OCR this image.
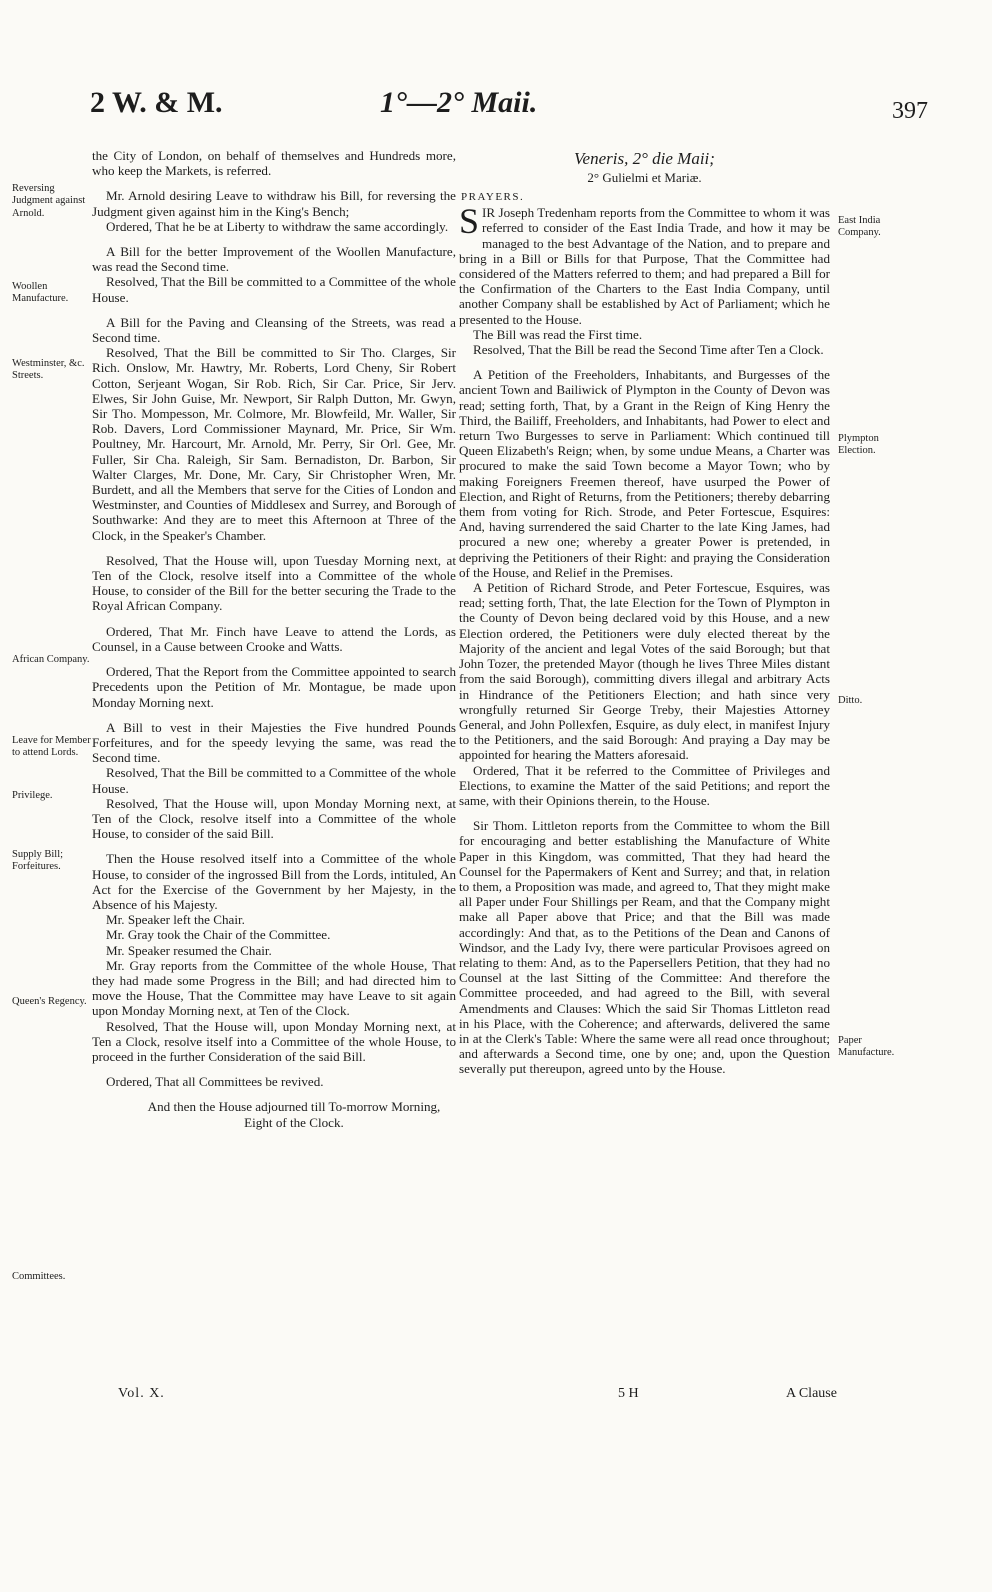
2 W. & M.	1°—2° Maii.	397

the City of London, on behalf of themselves and Hundreds more, who keep the Markets, is referred.

Mr. Arnold desiring Leave to withdraw his Bill, for reversing the Judgment given against him in the King's Bench;

Ordered, That he be at Liberty to withdraw the same accordingly.

A Bill for the better Improvement of the Woollen Manufacture, was read the Second time.

Resolved, That the Bill be committed to a Committee of the whole House.

A Bill for the Paving and Cleansing of the Streets, was read a Second time.

Resolved, That the Bill be committed to Sir Tho. Clarges, Sir Rich. Onslow, Mr. Hawtry, Mr. Roberts, Lord Cheny, Sir Robert Cotton, Serjeant Wogan, Sir Rob. Rich, Sir Car. Price, Sir Jerv. Elwes, Sir John Guise, Mr. Newport, Sir Ralph Dutton, Mr. Gwyn, Sir Tho. Mompesson, Mr. Colmore, Mr. Blowfeild, Mr. Waller, Sir Rob. Davers, Lord Commissioner Maynard, Mr. Price, Sir Wm. Poultney, Mr. Harcourt, Mr. Arnold, Mr. Perry, Sir Orl. Gee, Mr. Fuller, Sir Cha. Raleigh, Sir Sam. Bernadiston, Dr. Barbon, Sir Walter Clarges, Mr. Done, Mr. Cary, Sir Christopher Wren, Mr. Burdett, and all the Members that serve for the Cities of London and Westminster, and Counties of Middlesex and Surrey, and Borough of Southwarke: And they are to meet this Afternoon at Three of the Clock, in the Speaker's Chamber.

Resolved, That the House will, upon Tuesday Morning next, at Ten of the Clock, resolve itself into a Committee of the whole House, to consider of the Bill for the better securing the Trade to the Royal African Company.

Ordered, That Mr. Finch have Leave to attend the Lords, as Counsel, in a Cause between Crooke and Watts.

Ordered, That the Report from the Committee appointed to search Precedents upon the Petition of Mr. Montague, be made upon Monday Morning next.

A Bill to vest in their Majesties the Five hundred Pounds Forfeitures, and for the speedy levying the same, was read the Second time.

Resolved, That the Bill be committed to a Committee of the whole House.

Resolved, That the House will, upon Monday Morning next, at Ten of the Clock, resolve itself into a Committee of the whole House, to consider of the said Bill.

Then the House resolved itself into a Committee of the whole House, to consider of the ingrossed Bill from the Lords, intituled, An Act for the Exercise of the Government by her Majesty, in the Absence of his Majesty.

Mr. Speaker left the Chair.

Mr. Gray took the Chair of the Committee.

Mr. Speaker resumed the Chair.

Mr. Gray reports from the Committee of the whole House, That they had made some Progress in the Bill; and had directed him to move the House, That the Committee may have Leave to sit again upon Monday Morning next, at Ten of the Clock.

Resolved, That the House will, upon Monday Morning next, at Ten a Clock, resolve itself into a Committee of the whole House, to proceed in the further Consideration of the said Bill.

Ordered, That all Committees be revived.

And then the House adjourned till To-morrow Morning, Eight of the Clock.

Veneris, 2° die Maii;
2° Gulielmi et Mariæ.
PRAYERS.

SIR Joseph Tredenham reports from the Committee to whom it was referred to consider of the East India Trade, and how it may be managed to the best Advantage of the Nation, and to prepare and bring in a Bill or Bills for that Purpose, That the Committee had considered of the Matters referred to them; and had prepared a Bill for the Confirmation of the Charters to the East India Company, until another Company shall be established by Act of Parliament; which he presented to the House.

The Bill was read the First time.

Resolved, That the Bill be read the Second Time after Ten a Clock.

A Petition of the Freeholders, Inhabitants, and Burgesses of the ancient Town and Bailiwick of Plympton in the County of Devon was read; setting forth, That, by a Grant in the Reign of King Henry the Third, the Bailiff, Freeholders, and Inhabitants, had Power to elect and return Two Burgesses to serve in Parliament: Which continued till Queen Elizabeth's Reign; when, by some undue Means, a Charter was procured to make the said Town become a Mayor Town; who by making Foreigners Freemen thereof, have usurped the Power of Election, and Right of Returns, from the Petitioners; thereby debarring them from voting for Rich. Strode, and Peter Fortescue, Esquires: And, having surrendered the said Charter to the late King James, had procured a new one; whereby a greater Power is pretended, in depriving the Petitioners of their Right: and praying the Consideration of the House, and Relief in the Premises.

A Petition of Richard Strode, and Peter Fortescue, Esquires, was read; setting forth, That, the late Election for the Town of Plympton in the County of Devon being declared void by this House, and a new Election ordered, the Petitioners were duly elected thereat by the Majority of the ancient and legal Votes of the said Borough; but that John Tozer, the pretended Mayor (though he lives Three Miles distant from the said Borough), committing divers illegal and arbitrary Acts in Hindrance of the Petitioners Election; and hath since very wrongfully returned Sir George Treby, their Majesties Attorney General, and John Pollexfen, Esquire, as duly elect, in manifest Injury to the Petitioners, and the said Borough: And praying a Day may be appointed for hearing the Matters aforesaid.

Ordered, That it be referred to the Committee of Privileges and Elections, to examine the Matter of the said Petitions; and report the same, with their Opinions therein, to the House.

Sir Thom. Littleton reports from the Committee to whom the Bill for encouraging and better establishing the Manufacture of White Paper in this Kingdom, was committed, That they had heard the Counsel for the Papermakers of Kent and Surrey; and that, in relation to them, a Proposition was made, and agreed to, That they might make all Paper under Four Shillings per Ream, and that the Company might make all Paper above that Price; and that the Bill was made accordingly: And that, as to the Petitions of the Dean and Canons of Windsor, and the Lady Ivy, there were particular Provisoes agreed on relating to them: And, as to the Papersellers Petition, that they had no Counsel at the last Sitting of the Committee: And therefore the Committee proceeded, and had agreed to the Bill, with several Amendments and Clauses: Which the said Sir Thomas Littleton read in his Place, with the Coherence; and afterwards, delivered the same in at the Clerk's Table: Where the same were all read once throughout; and afterwards a Second time, one by one; and, upon the Question severally put thereupon, agreed unto by the House.

Reversing Judgment against Arnold.
Woollen Manufacture.
Westminster, &c. Streets.
African Company.
Leave for Member to attend Lords.
Privilege.
Supply Bill; Forfeitures.
Queen's Regency.
Committees.
East India Company.
Plympton Election.
Ditto.
Paper Manufacture.
Vol. X.	5 H	A Clause
